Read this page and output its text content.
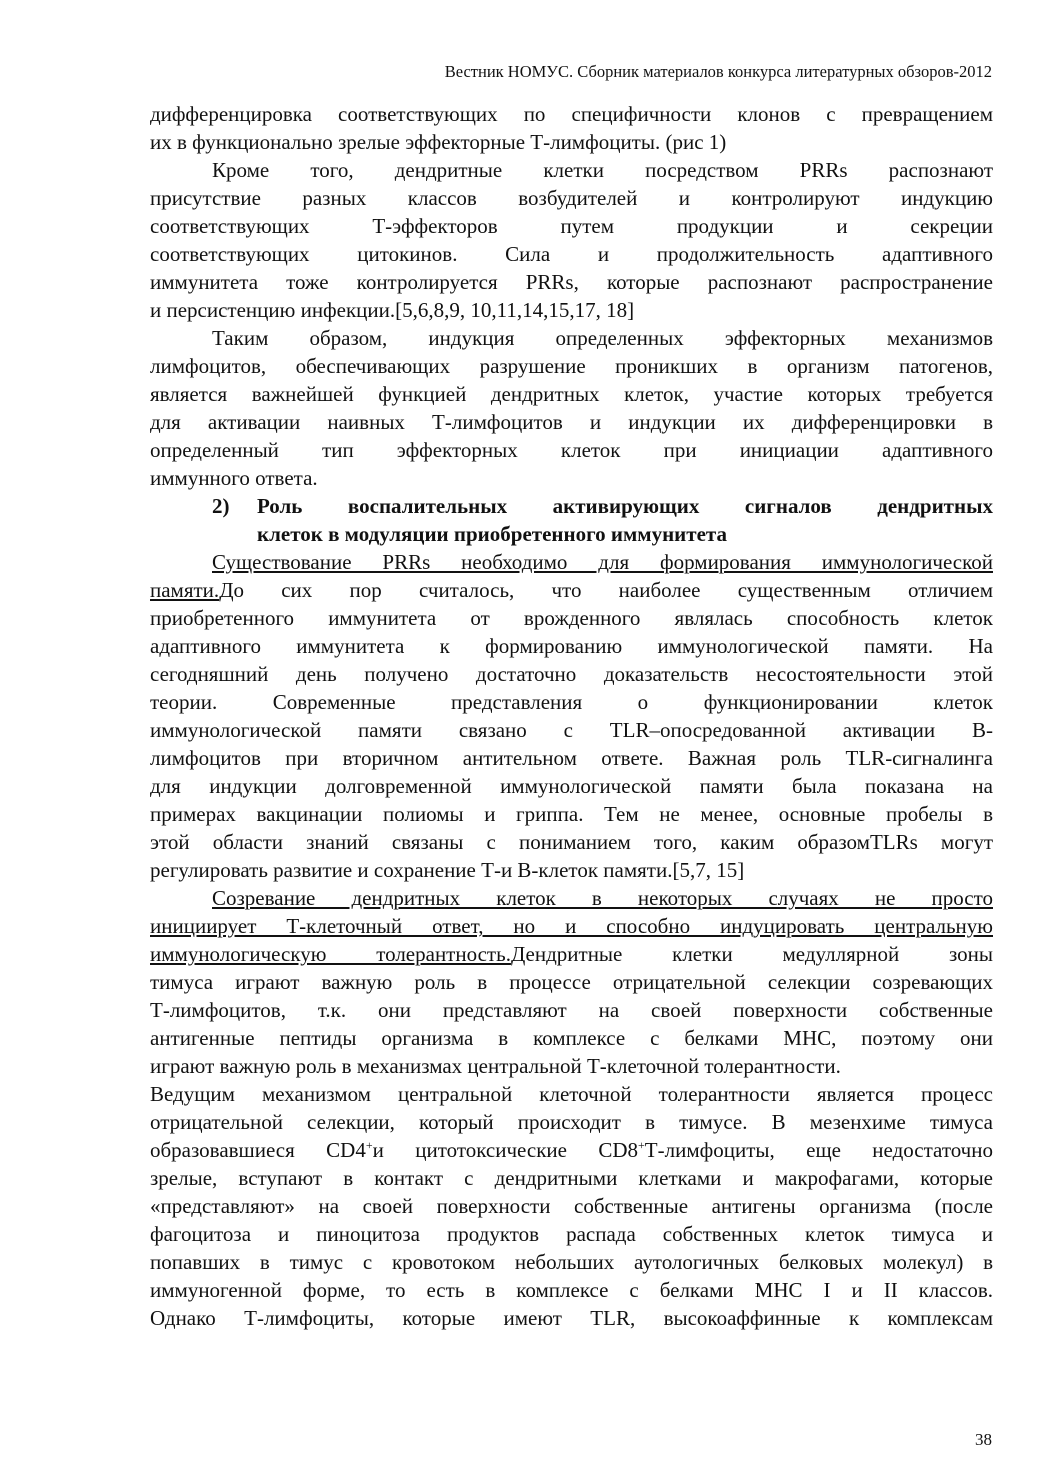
Вестник НОМУС. Сборник материалов конкурса литературных обзоров-2012
дифференцировка соответствующих по специфичности клонов с превращением
их в функционально зрелые эффекторные Т-лимфоциты. (рис 1)
Кроме того, дендритные клетки посредством PRRs распознают
присутствие разных классов возбудителей и контролируют индукцию
соответствующих Т-эффекторов путем продукции и секреции
соответствующих цитокинов. Сила и продолжительность адаптивного
иммунитета тоже контролируется PRRs, которые распознают распространение
и персистенцию инфекции.[5,6,8,9, 10,11,14,15,17, 18]
Таким образом, индукция определенных эффекторных механизмов
лимфоцитов, обеспечивающих разрушение проникших в организм патогенов,
является важнейшей функцией дендритных клеток, участие которых требуется
для активации наивных Т-лимфоцитов и индукции их дифференцировки в
определенный тип эффекторных клеток при инициации адаптивного
иммунного ответа.
2) Роль воспалительных активирующих сигналов дендритных
клеток в модуляции приобретенного иммунитета
Существование PRRs необходимо для формирования иммунологической
памяти.До сих пор считалось, что наиболее существенным отличием
приобретенного иммунитета от врожденного являлась способность клеток
адаптивного иммунитета к формированию иммунологической памяти. На
сегодняшний день получено достаточно доказательств несостоятельности этой
теории. Современные представления о функционировании клеток
иммунологической памяти связано с TLR–опосредованной активации В-
лимфоцитов при вторичном антительном ответе. Важная роль TLR-сигналинга
для индукции долговременной иммунологической памяти была показана на
примерах вакцинации полиомы и гриппа. Тем не менее, основные пробелы в
этой области знаний связаны с пониманием того, каким образомTLRs могут
регулировать развитие и сохранение Т-и В-клеток памяти.[5,7, 15]
Созревание дендритных клеток в некоторых случаях не просто
инициирует Т-клеточный ответ, но и способно индуцировать центральную
иммунологическую толерантность.Дендритные клетки медуллярной зоны
тимуса играют важную роль в процессе отрицательной селекции созревающих
Т-лимфоцитов, т.к. они представляют на своей поверхности собственные
антигенные пептиды организма в комплексе с белками MHC, поэтому они
играют важную роль в механизмах центральной Т-клеточной толерантности.
Ведущим механизмом центральной клеточной толерантности является процесс
отрицательной селекции, который происходит в тимусе. В мезенхиме тимуса
образовавшиеся CD4+и цитотоксические CD8+Т-лимфоциты, еще недостаточно
зрелые, вступают в контакт с дендритными клетками и макрофагами, которые
«представляют» на своей поверхности собственные антигены организма (после
фагоцитоза и пиноцитоза продуктов распада собственных клеток тимуса и
попавших в тимус с кровотоком небольших аутологичных белковых молекул) в
иммуногенной форме, то есть в комплексе с белками MHC I и II классов.
Однако Т-лимфоциты, которые имеют TLR, высокоаффинные к комплексам
38
